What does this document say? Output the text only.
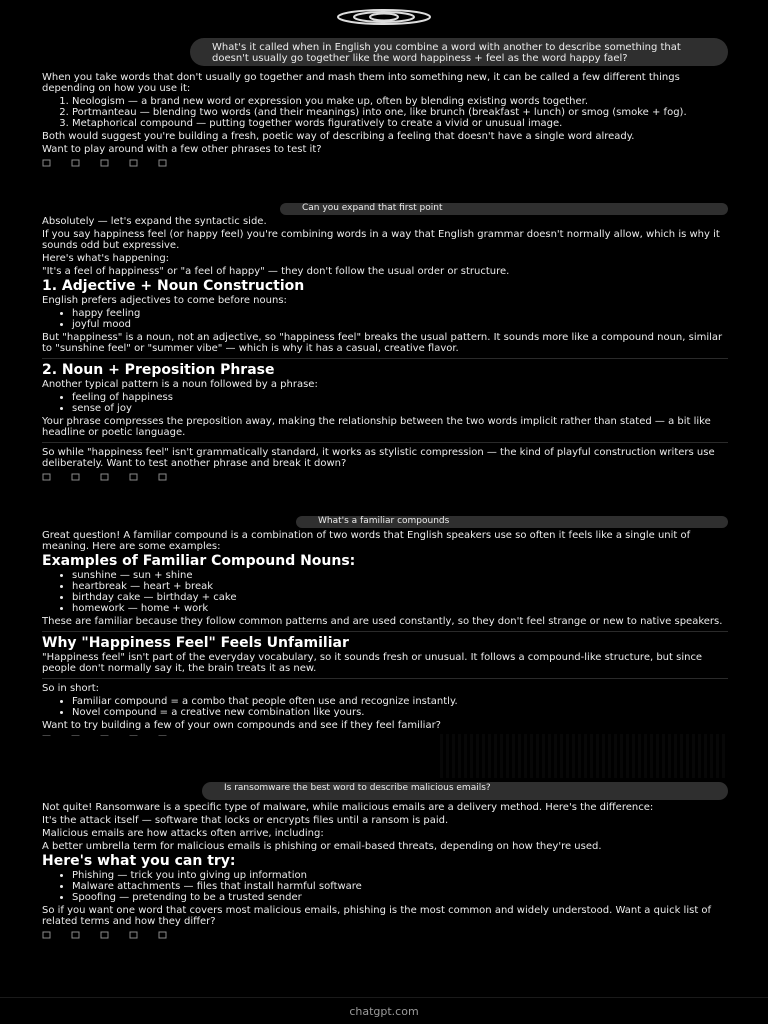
What's it called when in English you combine a word with another to describe something that doesn't usually go together like the word happiness + feel as the word happy fael?

When you take words that don't usually go together and mash them into something new, it can be called a few different things depending on how you use it:

1. Neologism — a brand new word or expression you make up, often by blending existing words together.
2. Portmanteau — blending two words (and their meanings) into one, like brunch (breakfast + lunch) or smog (smoke + fog).
3. Metaphorical compound — putting together words figuratively to create a vivid or unusual image.

Both would suggest you're building a fresh, poetic way of describing a feeling that doesn't have a single word already.

Want to play around with a few other phrases to test it?

Can you expand that first point

Absolutely — let's expand the syntactic side.

If you say happiness feel (or happy feel) you're combining words in a way that English grammar doesn't normally allow, which is why it sounds odd but expressive.

Here's what's happening:

"It's a feel of happiness" or "a feel of happy" — they don't follow the usual order or structure.

1. Adjective + Noun Construction

English prefers adjectives to come before nouns:

• happy feeling
• joyful mood

But "happiness" is a noun, not an adjective, so "happiness feel" breaks the usual pattern. It sounds more like a compound noun, similar to "sunshine feel" or "summer vibe" — which is why it has a casual, creative flavor.

2. Noun + Preposition Phrase

Another typical pattern is a noun followed by a phrase:

• feeling of happiness
• sense of joy

Your phrase compresses the preposition away, making the relationship between the two words implicit rather than stated — a bit like headline or poetic language.

So while "happiness feel" isn't grammatically standard, it works as stylistic compression — the kind of playful construction writers use deliberately. Want to test another phrase and break it down?

What's a familiar compounds

Great question! A familiar compound is a combination of two words that English speakers use so often it feels like a single unit of meaning. Here are some examples:

Examples of Familiar Compound Nouns:
• sunshine — sun + shine
• heartbreak — heart + break
• birthday cake — birthday + cake
• homework — home + work

These are familiar because they follow common patterns and are used constantly, so they don't feel strange or new to native speakers.

Why "Happiness Feel" Feels Unfamiliar

"Happiness feel" isn't part of the everyday vocabulary, so it sounds fresh or unusual. It follows a compound-like structure, but since people don't normally say it, the brain treats it as new.

So in short:

• Familiar compound = a combo that people often use and recognize instantly.
• Novel compound = a creative new combination like yours.

Want to try building a few of your own compounds and see if they feel familiar?

Is ransomware the best word to describe malicious emails?

Not quite! Ransomware is a specific type of malware, while malicious emails are a delivery method. Here's the difference:

It's the attack itself — software that locks or encrypts files until a ransom is paid.

Malicious emails are how attacks often arrive, including:

A better umbrella term for malicious emails is phishing or email-based threats, depending on how they're used.

Here's what you can try:
• Phishing — trick you into giving up information
• Malware attachments — files that install harmful software
• Spoofing — pretending to be a trusted sender

So if you want one word that covers most malicious emails, phishing is the most common and widely understood. Want a quick list of related terms and how they differ?

chatgpt.com
